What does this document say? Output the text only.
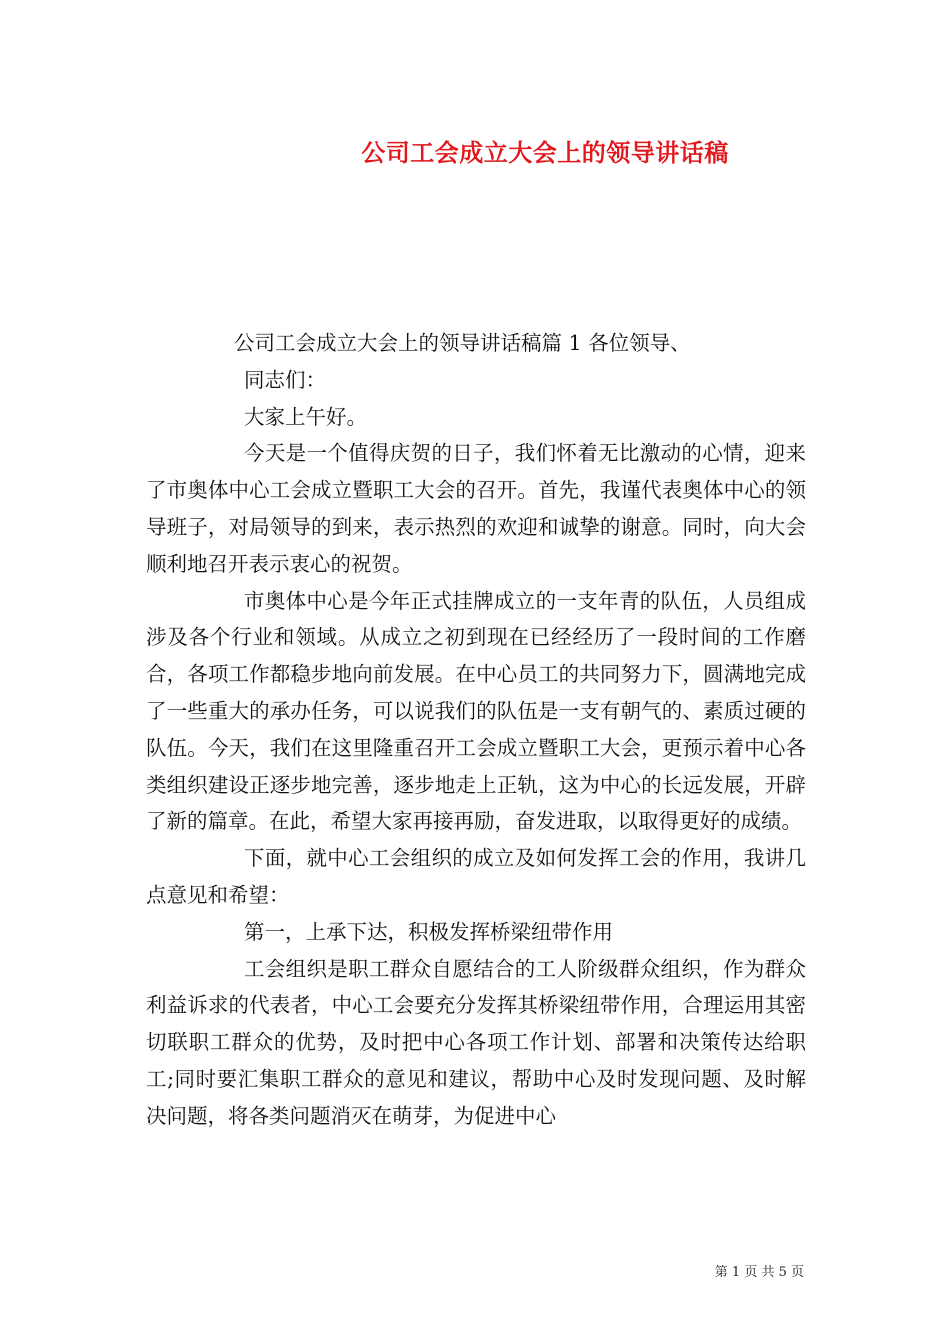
公司工会成立大会上的领导讲话稿

公司工会成立大会上的领导讲话稿篇 1 各位领导、

同志们：

大家上午好。

今天是一个值得庆贺的日子，我们怀着无比激动的心情，迎来了市奥体中心工会成立暨职工大会的召开。首先，我谨代表奥体中心的领导班子，对局领导的到来，表示热烈的欢迎和诚挚的谢意。同时，向大会顺利地召开表示衷心的祝贺。

市奥体中心是今年正式挂牌成立的一支年青的队伍，人员组成涉及各个行业和领域。从成立之初到现在已经经历了一段时间的工作磨合，各项工作都稳步地向前发展。在中心员工的共同努力下，圆满地完成了一些重大的承办任务，可以说我们的队伍是一支有朝气的、素质过硬的队伍。今天，我们在这里隆重召开工会成立暨职工大会，更预示着中心各类组织建设正逐步地完善，逐步地走上正轨，这为中心的长远发展，开辟了新的篇章。在此，希望大家再接再励，奋发进取，以取得更好的成绩。

下面，就中心工会组织的成立及如何发挥工会的作用，我讲几点意见和希望：

第一，上承下达，积极发挥桥梁纽带作用

工会组织是职工群众自愿结合的工人阶级群众组织，作为群众利益诉求的代表者，中心工会要充分发挥其桥梁纽带作用，合理运用其密切联职工群众的优势，及时把中心各项工作计划、部署和决策传达给职工;同时要汇集职工群众的意见和建议，帮助中心及时发现问题、及时解决问题，将各类问题消灭在萌芽，为促进中心

第 1 页 共 5 页
